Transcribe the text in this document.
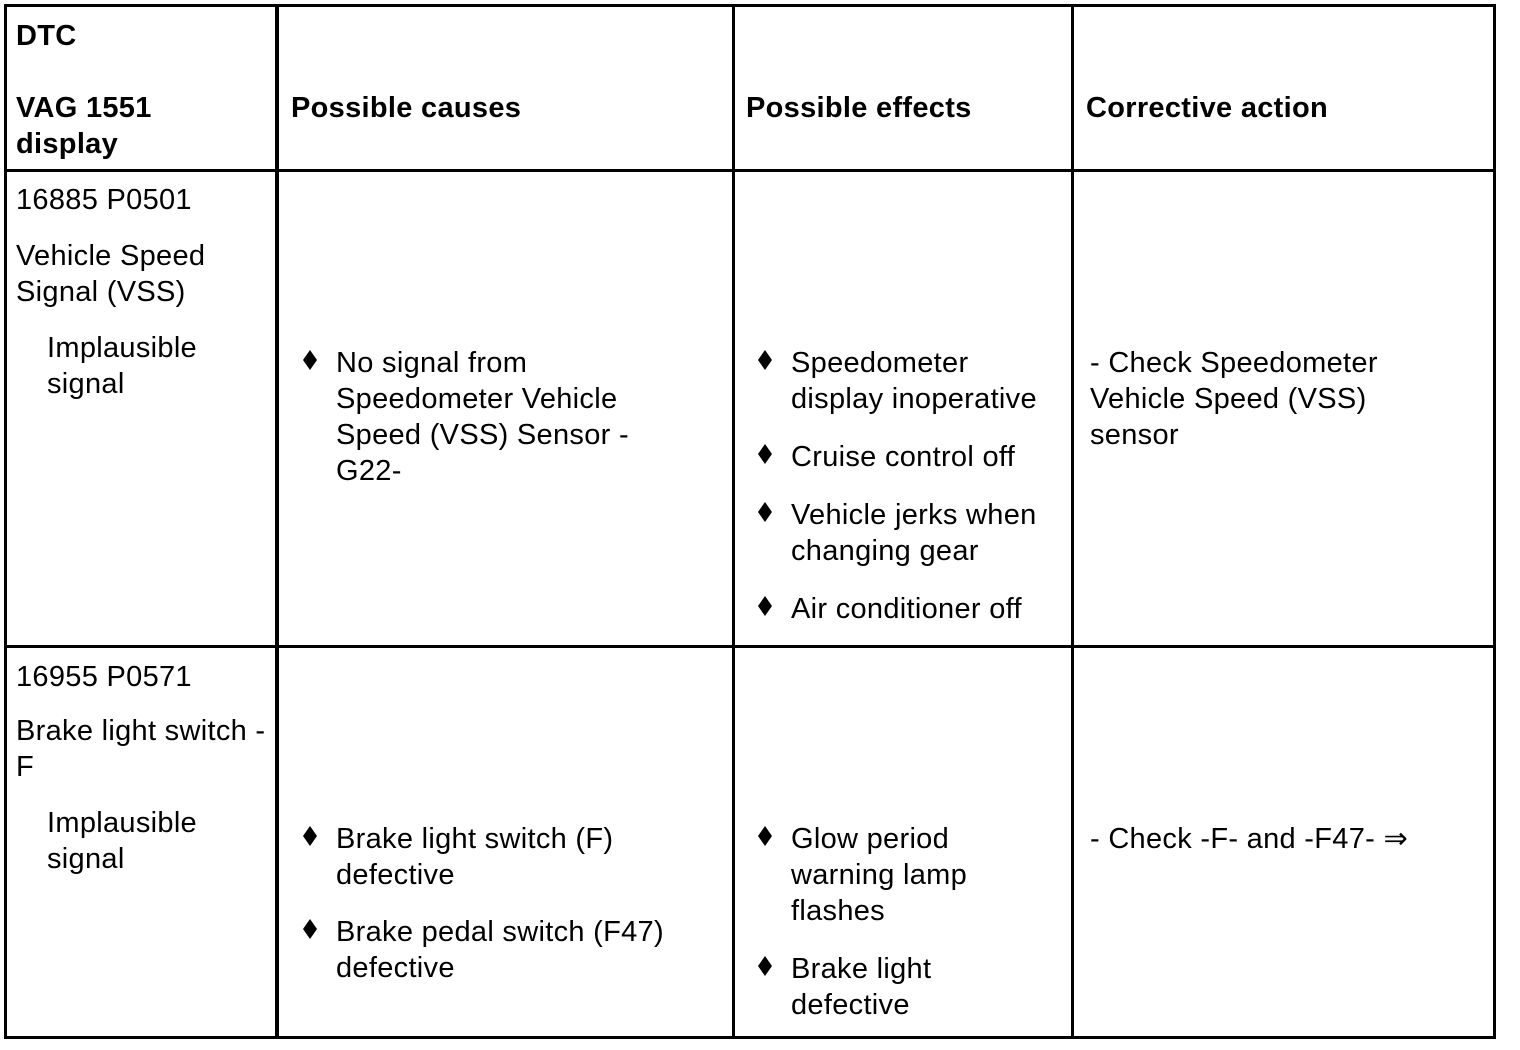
DTC
VAG 1551 display
Possible causes	Possible effects	Corrective action
16885 P0501
Vehicle Speed Signal (VSS)
Implausible signal
No signal from Speedometer Vehicle Speed (VSS) Sensor - G22-
Speedometer display inoperative
Cruise control off
Vehicle jerks when changing gear
Air conditioner off
- Check Speedometer Vehicle Speed (VSS) sensor
16955 P0571
Brake light switch - F
Implausible signal
Brake light switch (F) defective
Brake pedal switch (F47) defective
Glow period warning lamp flashes
Brake light defective
- Check -F- and -F47- ⇒
